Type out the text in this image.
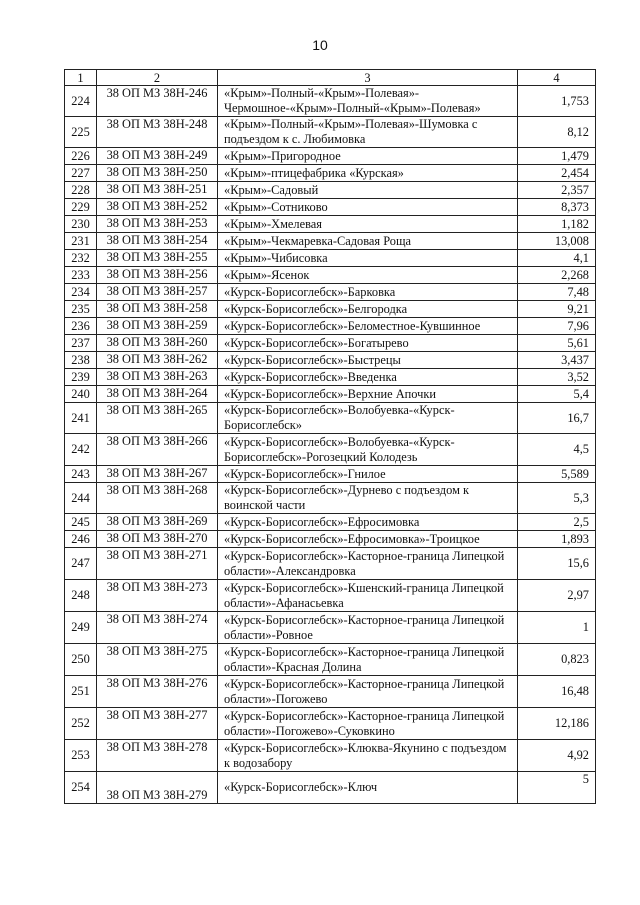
10
1	2	3	4
224	38 ОП МЗ 38Н-246	«Крым»-Полный-«Крым»-Полевая»-Чермошное-«Крым»-Полный-«Крым»-Полевая»	1,753
225	38 ОП МЗ 38Н-248	«Крым»-Полный-«Крым»-Полевая»-Шумовка с подъездом к с. Любимовка	8,12
226	38 ОП МЗ 38Н-249	«Крым»-Пригородное	1,479
227	38 ОП МЗ 38Н-250	«Крым»-птицефабрика «Курская»	2,454
228	38 ОП МЗ 38Н-251	«Крым»-Садовый	2,357
229	38 ОП МЗ 38Н-252	«Крым»-Сотниково	8,373
230	38 ОП МЗ 38Н-253	«Крым»-Хмелевая	1,182
231	38 ОП МЗ 38Н-254	«Крым»-Чекмаревка-Садовая Роща	13,008
232	38 ОП МЗ 38Н-255	«Крым»-Чибисовка	4,1
233	38 ОП МЗ 38Н-256	«Крым»-Ясенок	2,268
234	38 ОП МЗ 38Н-257	«Курск-Борисоглебск»-Барковка	7,48
235	38 ОП МЗ 38Н-258	«Курск-Борисоглебск»-Белгородка	9,21
236	38 ОП МЗ 38Н-259	«Курск-Борисоглебск»-Беломестное-Кувшинное	7,96
237	38 ОП МЗ 38Н-260	«Курск-Борисоглебск»-Богатырево	5,61
238	38 ОП МЗ 38Н-262	«Курск-Борисоглебск»-Быстрецы	3,437
239	38 ОП МЗ 38Н-263	«Курск-Борисоглебск»-Введенка	3,52
240	38 ОП МЗ 38Н-264	«Курск-Борисоглебск»-Верхние Апочки	5,4
241	38 ОП МЗ 38Н-265	«Курск-Борисоглебск»-Волобуевка-«Курск-Борисоглебск»	16,7
242	38 ОП МЗ 38Н-266	«Курск-Борисоглебск»-Волобуевка-«Курск-Борисоглебск»-Рогозецкий Колодезь	4,5
243	38 ОП МЗ 38Н-267	«Курск-Борисоглебск»-Гнилое	5,589
244	38 ОП МЗ 38Н-268	«Курск-Борисоглебск»-Дурнево с подъездом к воинской части	5,3
245	38 ОП МЗ 38Н-269	«Курск-Борисоглебск»-Ефросимовка	2,5
246	38 ОП МЗ 38Н-270	«Курск-Борисоглебск»-Ефросимовка»-Троицкое	1,893
247	38 ОП МЗ 38Н-271	«Курск-Борисоглебск»-Касторное-граница Липецкой области»-Александровка	15,6
248	38 ОП МЗ 38Н-273	«Курск-Борисоглебск»-Кшенский-граница Липецкой области»-Афанасьевка	2,97
249	38 ОП МЗ 38Н-274	«Курск-Борисоглебск»-Касторное-граница Липецкой области»-Ровное	1
250	38 ОП МЗ 38Н-275	«Курск-Борисоглебск»-Касторное-граница Липецкой области»-Красная Долина	0,823
251	38 ОП МЗ 38Н-276	«Курск-Борисоглебск»-Касторное-граница Липецкой области»-Погожево	16,48
252	38 ОП МЗ 38Н-277	«Курск-Борисоглебск»-Касторное-граница Липецкой области»-Погожево»-Суковкино	12,186
253	38 ОП МЗ 38Н-278	«Курск-Борисоглебск»-Клюква-Якунино с подъездом к водозабору	4,92
254	38 ОП МЗ 38Н-279	«Курск-Борисоглебск»-Ключ	5
